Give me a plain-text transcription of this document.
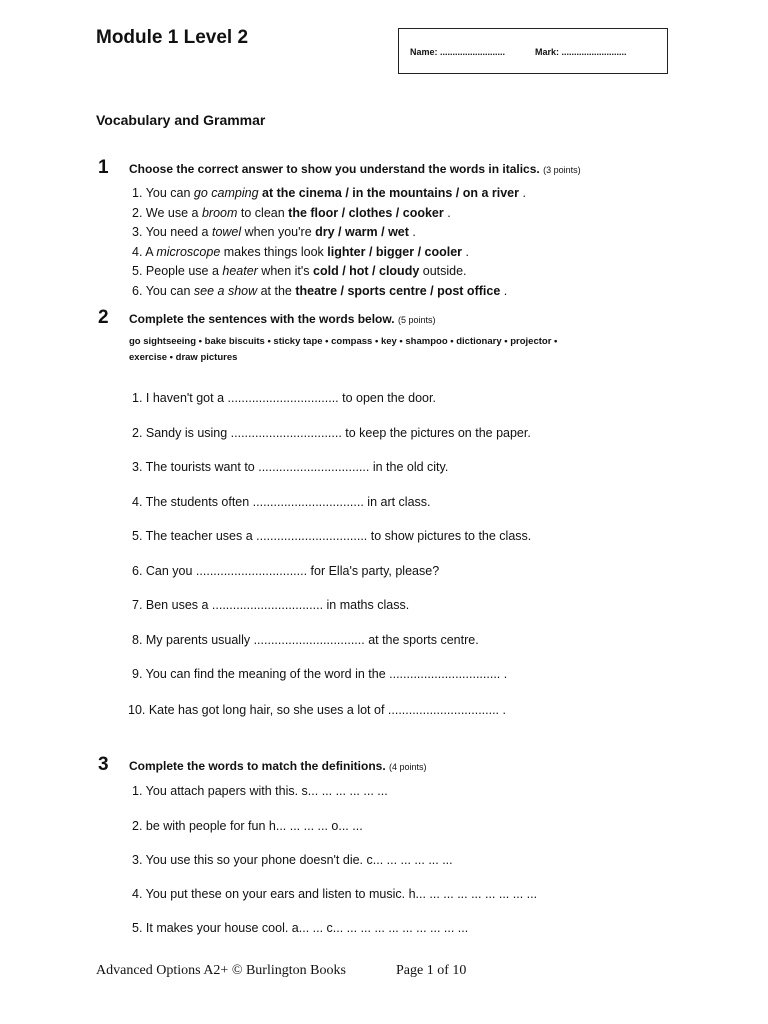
Module 1 Level 2
Name: ..........................	Mark: ..........................
Vocabulary and Grammar
1 Choose the correct answer to show you understand the words in italics. (3 points)
1. You can go camping at the cinema / in the mountains / on a river .
2. We use a broom to clean the floor / clothes / cooker .
3. You need a towel when you're dry / warm / wet .
4. A microscope makes things look lighter / bigger / cooler .
5. People use a heater when it's cold / hot / cloudy outside.
6. You can see a show at the theatre / sports centre / post office .
2 Complete the sentences with the words below. (5 points)
go sightseeing • bake biscuits • sticky tape • compass • key • shampoo • dictionary • projector •
exercise • draw pictures
1. I haven't got a ................................ to open the door.
2. Sandy is using ................................ to keep the pictures on the paper.
3. The tourists want to ................................ in the old city.
4. The students often ................................ in art class.
5. The teacher uses a ................................ to show pictures to the class.
6. Can you ................................ for Ella's party, please?
7. Ben uses a ................................ in maths class.
8. My parents usually ................................ at the sports centre.
9. You can find the meaning of the word in the ................................ .
10. Kate has got long hair, so she uses a lot of ................................ .
3 Complete the words to match the definitions. (4 points)
1. You attach papers with this. s... ... ... ... ... ...
2. be with people for fun h... ... ... ... o... ...
3. You use this so your phone doesn't die. c... ... ... ... ... ...
4. You put these on your ears and listen to music. h... ... ... ... ... ... ... ... ...
5. It makes your house cool. a... ... c... ... ... ... ... ... ... ... ... ...
Advanced Options A2+ © Burlington Books	Page 1 of 10
